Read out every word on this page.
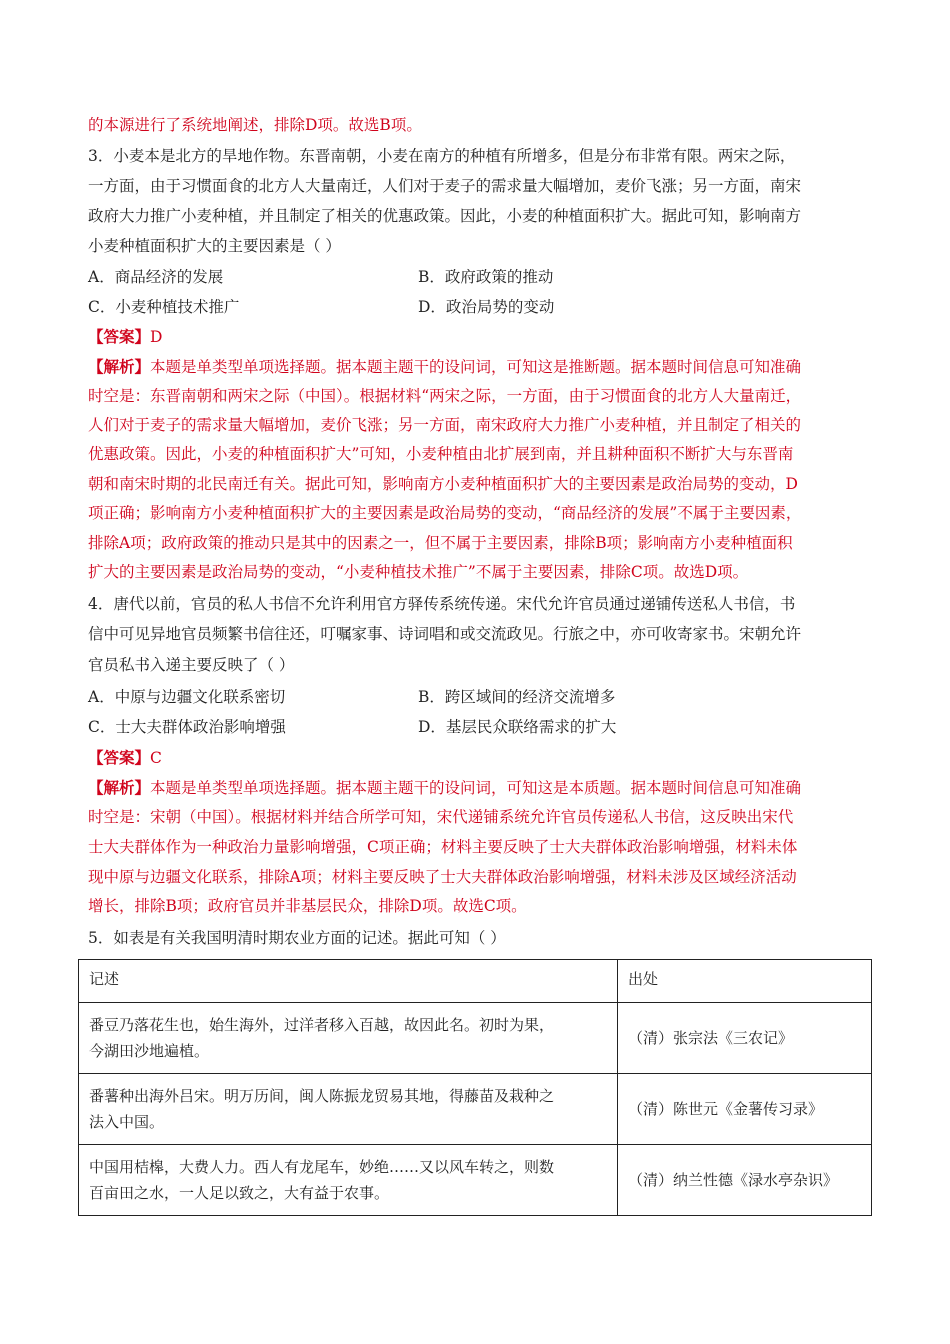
的本源进行了系统地阐述，排除D项。故选B项。
3．小麦本是北方的旱地作物。东晋南朝，小麦在南方的种植有所增多，但是分布非常有限。两宋之际，
一方面，由于习惯面食的北方人大量南迁，人们对于麦子的需求量大幅增加，麦价飞涨；另一方面，南宋
政府大力推广小麦种植，并且制定了相关的优惠政策。因此，小麦的种植面积扩大。据此可知，影响南方
小麦种植面积扩大的主要因素是（ ）
A．商品经济的发展	B．政府政策的推动
C．小麦种植技术推广	D．政治局势的变动
【答案】D
【解析】本题是单类型单项选择题。据本题主题干的设问词，可知这是推断题。据本题时间信息可知准确
时空是：东晋南朝和两宋之际（中国）。根据材料“两宋之际，一方面，由于习惯面食的北方人大量南迁，
人们对于麦子的需求量大幅增加，麦价飞涨；另一方面，南宋政府大力推广小麦种植，并且制定了相关的
优惠政策。因此，小麦的种植面积扩大”可知，小麦种植由北扩展到南，并且耕种面积不断扩大与东晋南
朝和南宋时期的北民南迁有关。据此可知，影响南方小麦种植面积扩大的主要因素是政治局势的变动，D
项正确；影响南方小麦种植面积扩大的主要因素是政治局势的变动，“商品经济的发展”不属于主要因素，
排除A项；政府政策的推动只是其中的因素之一，但不属于主要因素，排除B项；影响南方小麦种植面积
扩大的主要因素是政治局势的变动，“小麦种植技术推广”不属于主要因素，排除C项。故选D项。
4．唐代以前，官员的私人书信不允许利用官方驿传系统传递。宋代允许官员通过递铺传送私人书信，书
信中可见异地官员频繁书信往还，叮嘱家事、诗词唱和或交流政见。行旅之中，亦可收寄家书。宋朝允许
官员私书入递主要反映了（ ）
A．中原与边疆文化联系密切	B．跨区域间的经济交流增多
C．士大夫群体政治影响增强	D．基层民众联络需求的扩大
【答案】C
【解析】本题是单类型单项选择题。据本题主题干的设问词，可知这是本质题。据本题时间信息可知准确
时空是：宋朝（中国）。根据材料并结合所学可知，宋代递铺系统允许官员传递私人书信，这反映出宋代
士大夫群体作为一种政治力量影响增强，C项正确；材料主要反映了士大夫群体政治影响增强，材料未体
现中原与边疆文化联系，排除A项；材料主要反映了士大夫群体政治影响增强，材料未涉及区域经济活动
增长，排除B项；政府官员并非基层民众，排除D项。故选C项。
5．如表是有关我国明清时期农业方面的记述。据此可知（ ）
记述	出处

番豆乃落花生也，始生海外，过洋者移入百越，故因此名。初时为果，
今湖田沙地遍植。	（清）张宗法《三农记》

番薯种出海外吕宋。明万历间，闽人陈振龙贸易其地，得藤苗及栽种之
法入中国。	（清）陈世元《金薯传习录》

中国用桔槔，大费人力。西人有龙尾车，妙绝……又以风车转之，则数
百亩田之水，一人足以致之，大有益于农事。	（清）纳兰性德《渌水亭杂识》
